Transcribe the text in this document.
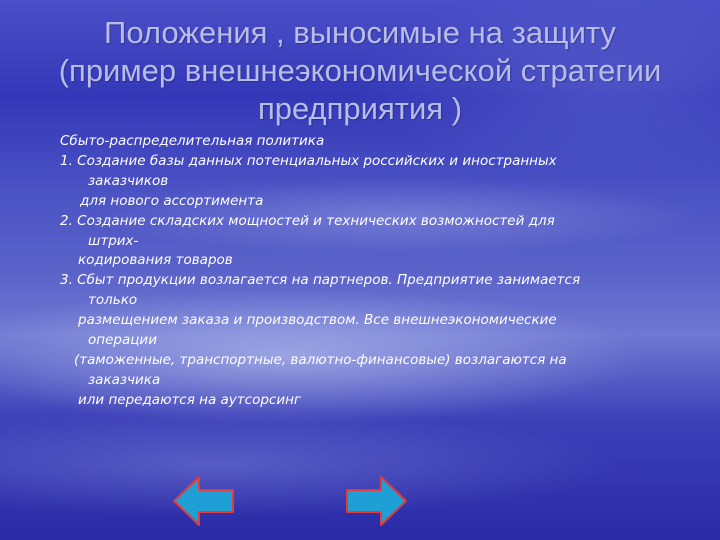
Положения , выносимые на защиту
(пример внешнеэкономической стратегии
предприятия )
Сбыто-распределительная политика
1. Создание базы данных потенциальных российских и иностранных
заказчиков
для нового ассортимента
2. Создание складских мощностей и технических возможностей для
штрих-
кодирования товаров
3. Сбыт продукции возлагается на партнеров. Предприятие занимается
только
размещением заказа и производством. Все внешнеэкономические
операции
(таможенные, транспортные, валютно-финансовые) возлагаются на
заказчика
или передаются на аутсорсинг
